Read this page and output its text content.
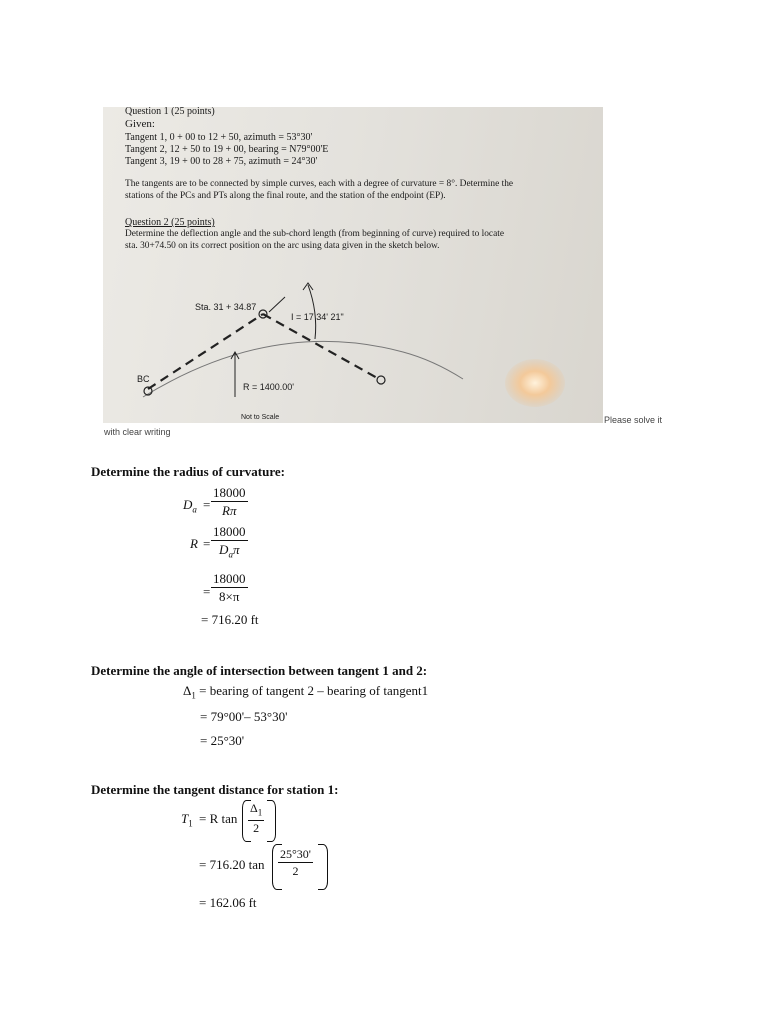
Question 1 (25 points)
Given:
Tangent 1, 0 + 00 to 12 + 50, azimuth = 53°30'
Tangent 2, 12 + 50 to 19 + 00, bearing = N79°00'E
Tangent 3, 19 + 00 to 28 + 75, azimuth = 24°30'
The tangents are to be connected by simple curves, each with a degree of curvature = 8°. Determine the
stations of the PCs and PTs along the final route, and the station of the endpoint (EP).
Question 2 (25 points)
Determine the deflection angle and the sub-chord length (from beginning of curve) required to locate
sta. 30+74.50 on its correct position on the arc using data given in the sketch below.
Sta. 31 + 34.87
I = 17 34' 21"
BC
R = 1400.00'
Not to Scale	Please solve it
with clear writing
Determine the radius of curvature:
$D_a = \frac{18000}{R\pi}$
R =
18000
$D_a\pi$
= $\frac{18000}{8\times\pi}$
= 716.20 ft
Determine the angle of intersection between tangent 1 and 2:
$\Delta_1$ = bearing of tangent 2 – bearing of tangent1
= 79°00'– 53°30'
= 25°30'
Determine the tangent distance for station 1:
$T_1 = R$ $\tan \frac{\Delta_1}{2}$
= 716.20 $\tan \frac{25^\circ 30'}{2}$
= 162.06 ft
